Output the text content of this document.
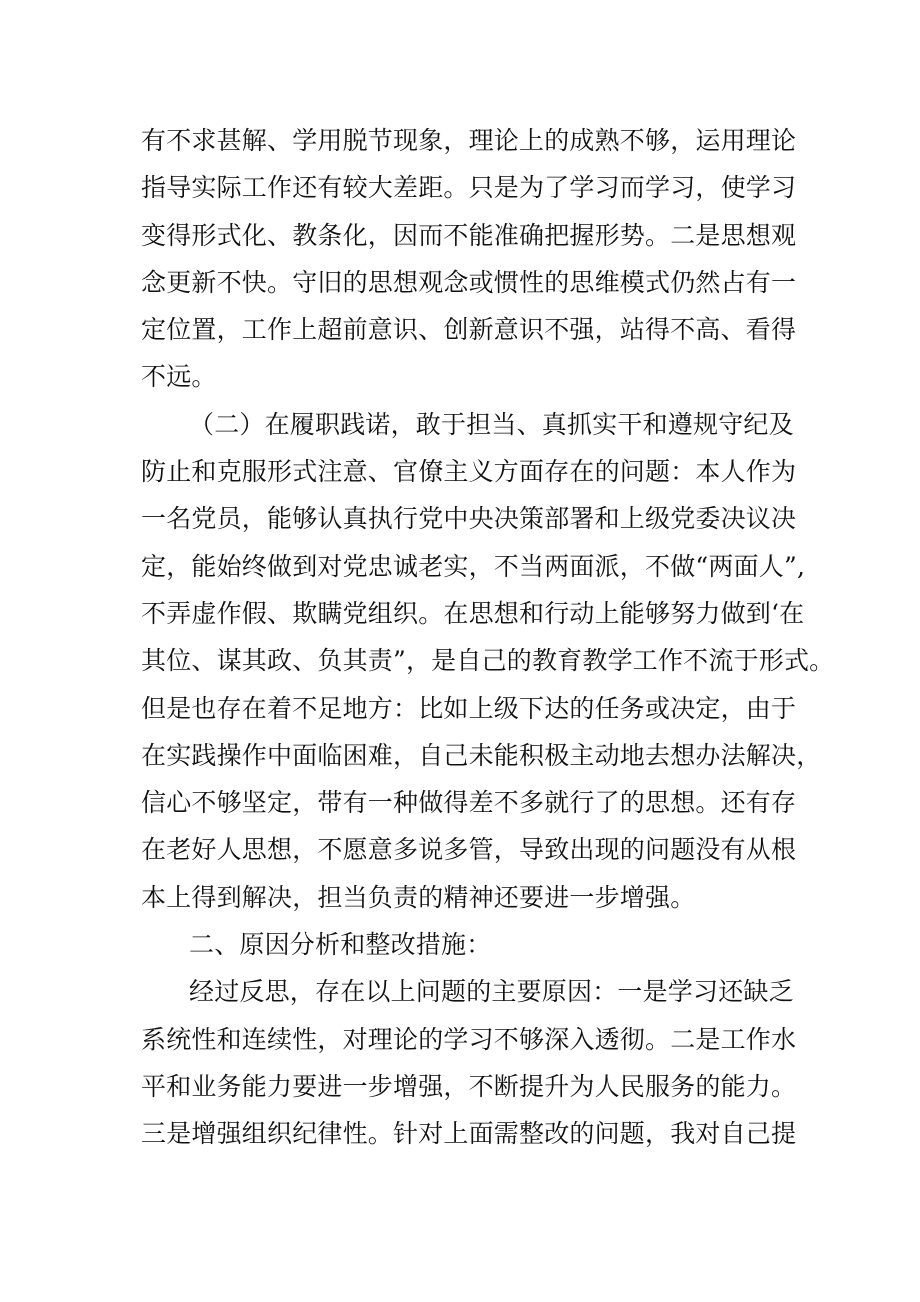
有不求甚解、学用脱节现象，理论上的成熟不够，运用理论
指导实际工作还有较大差距。只是为了学习而学习，使学习
变得形式化、教条化，因而不能准确把握形势。二是思想观
念更新不快。守旧的思想观念或惯性的思维模式仍然占有一
定位置，工作上超前意识、创新意识不强，站得不高、看得
不远。
（二）在履职践诺，敢于担当、真抓实干和遵规守纪及
防止和克服形式注意、官僚主义方面存在的问题：本人作为
一名党员，能够认真执行党中央决策部署和上级党委决议决
定，能始终做到对党忠诚老实，不当两面派，不做“两面人”,
不弄虚作假、欺瞒党组织。在思想和行动上能够努力做到‘在
其位、谋其政、负其责”，是自己的教育教学工作不流于形式。
但是也存在着不足地方：比如上级下达的任务或决定，由于
在实践操作中面临困难，自己未能积极主动地去想办法解决，
信心不够坚定，带有一种做得差不多就行了的思想。还有存
在老好人思想，不愿意多说多管，导致出现的问题没有从根
本上得到解决，担当负责的精神还要进一步增强。
二、原因分析和整改措施：
经过反思，存在以上问题的主要原因：一是学习还缺乏
系统性和连续性，对理论的学习不够深入透彻。二是工作水
平和业务能力要进一步增强，不断提升为人民服务的能力。
三是增强组织纪律性。针对上面需整改的问题，我对自己提
